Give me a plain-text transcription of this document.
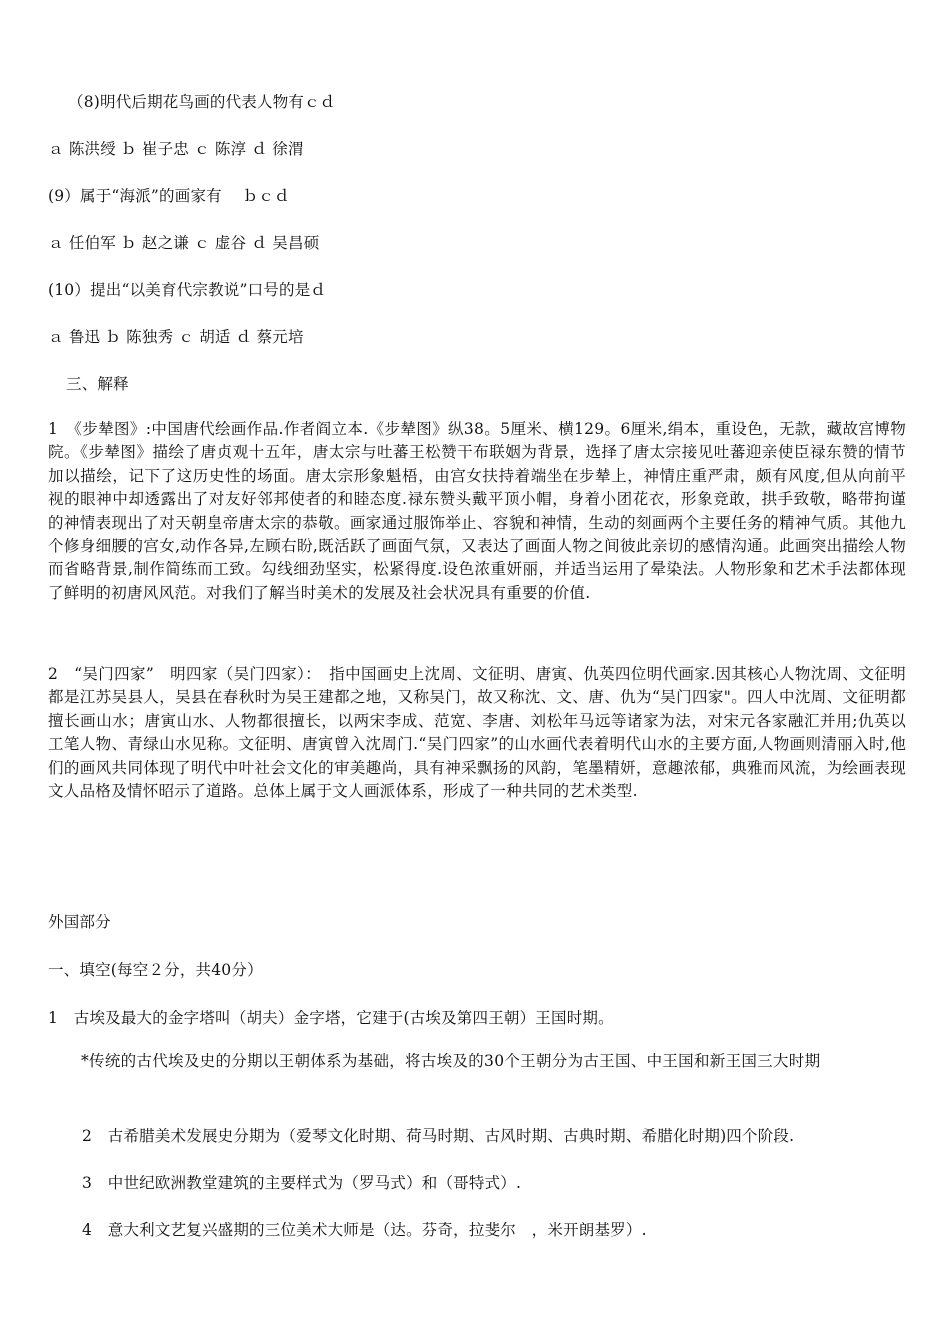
（8)明代后期花鸟画的代表人物有ｃｄ
ａ 陈洪绶 ｂ 崔子忠 ｃ 陈淳 ｄ 徐渭
(9）属于“海派”的画家有　 ｂｃｄ
ａ 任伯军 ｂ 赵之谦 ｃ 虚谷 ｄ 吴昌硕
(10）提出“以美育代宗教说”口号的是ｄ
ａ 鲁迅 ｂ 陈独秀 ｃ 胡适 ｄ 蔡元培
三、解释
1　《步辇图》:中国唐代绘画作品.作者阎立本.《步辇图》纵38。5厘米、横129。6厘米,绢本，重设色，无款，藏故宫博物院。《步辇图》描绘了唐贞观十五年，唐太宗与吐蕃王松赞干布联姻为背景，选择了唐太宗接见吐蕃迎亲使臣禄东赞的情节加以描绘，记下了这历史性的场面。唐太宗形象魁梧，由宫女扶持着端坐在步辇上，神情庄重严肃，颇有风度,但从向前平视的眼神中却透露出了对友好邻邦使者的和睦态度.禄东赞头戴平顶小帽，身着小团花衣，形象竞敢，拱手致敬，略带拘谨的神情表现出了对天朝皇帝唐太宗的恭敬。画家通过服饰举止、容貌和神情，生动的刻画两个主要任务的精神气质。其他九个修身细腰的宫女,动作各异,左顾右盼,既活跃了画面气氛，又表达了画面人物之间彼此亲切的感情沟通。此画突出描绘人物而省略背景,制作简练而工致。勾线细劲坚实，松紧得度.设色浓重妍丽，并适当运用了晕染法。人物形象和艺术手法都体现了鲜明的初唐风风范。对我们了解当时美术的发展及社会状况具有重要的价值.
2　“吴门四家”　明四家（吴门四家）：　指中国画史上沈周、文征明、唐寅、仇英四位明代画家.因其核心人物沈周、文征明都是江苏吴县人，吴县在春秋时为吴王建都之地，又称吴门，故又称沈、文、唐、仇为“吴门四家"。四人中沈周、文征明都擅长画山水；唐寅山水、人物都很擅长，以两宋李成、范宽、李唐、刘松年马远等诸家为法，对宋元各家融汇并用;仇英以工笔人物、青绿山水见称。文征明、唐寅曾入沈周门.“吴门四家”的山水画代表着明代山水的主要方面,人物画则清丽入时,他们的画风共同体现了明代中叶社会文化的审美趣尚，具有神采飘扬的风韵，笔墨精妍，意趣浓郁，典雅而风流，为绘画表现文人品格及情怀昭示了道路。总体上属于文人画派体系，形成了一种共同的艺术类型.
外国部分
一、填空(每空２分，共40分）
1　古埃及最大的金字塔叫（胡夫）金字塔，它建于(古埃及第四王朝）王国时期。
*传统的古代埃及史的分期以王朝体系为基础，将古埃及的30个王朝分为古王国、中王国和新王国三大时期
2　古希腊美术发展史分期为（爱琴文化时期、荷马时期、古风时期、古典时期、希腊化时期)四个阶段.
3　中世纪欧洲教堂建筑的主要样式为（罗马式）和（哥特式）.
4　意大利文艺复兴盛期的三位美术大师是（达。芬奇，拉斐尔　，米开朗基罗）.
